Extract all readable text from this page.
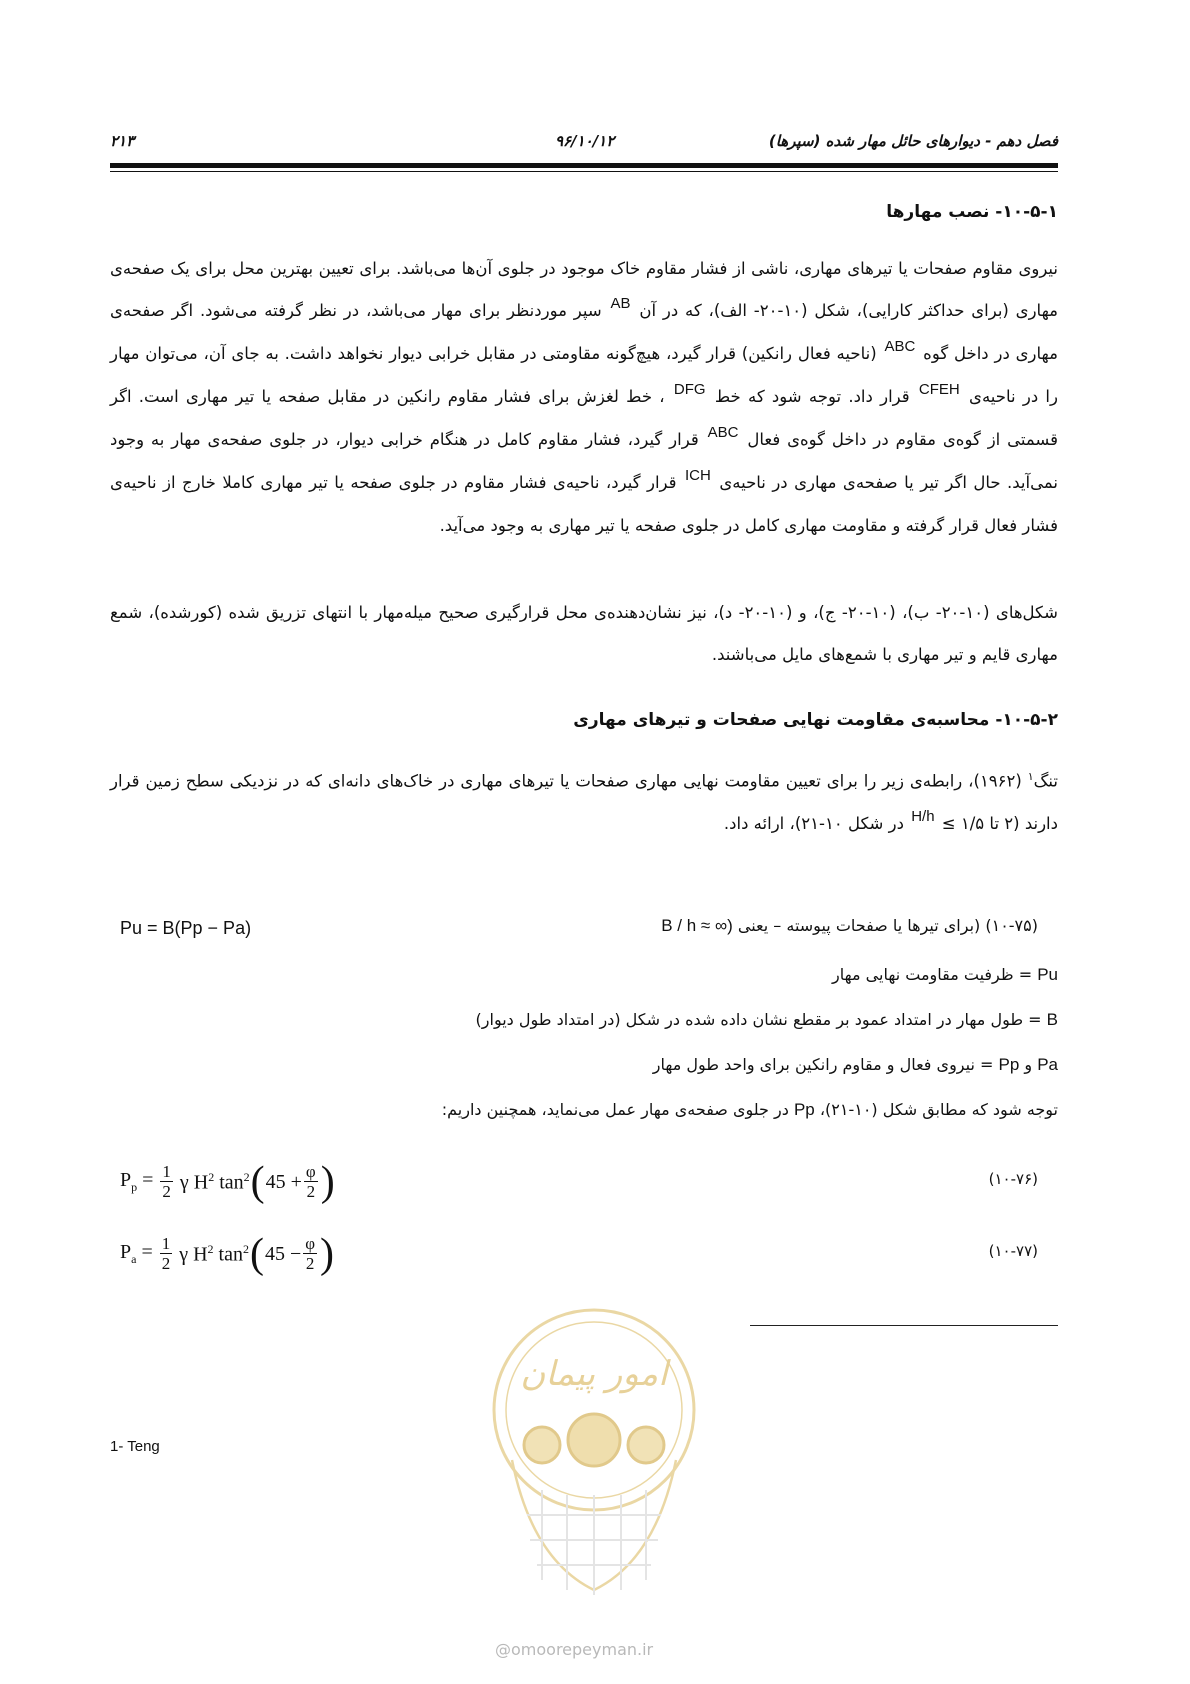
فصل دهم - دیوارهای حائل مهار شده (سپرها)
۹۶/۱۰/۱۲
۲۱۳
۱۰-۵-۱- نصب مهارها

نیروی مقاوم صفحات یا تیرهای مهاری، ناشی از فشار مقاوم خاک موجود در جلوی آن‌ها می‌باشد. برای تعیین بهترین محل برای یک صفحه‌ی مهاری (برای حداکثر کارایی)، شکل (۱۰-۲۰- الف)، که در آن AB سپر موردنظر برای مهار می‌باشد، در نظر گرفته می‌شود. اگر صفحه‌ی مهاری در داخل گوه ABC (ناحیه فعال رانکین) قرار گیرد، هیچ‌گونه مقاومتی در مقابل خرابی دیوار نخواهد داشت. به جای آن، می‌توان مهار را در ناحیه‌ی CFEH قرار داد. توجه شود که خط DFG ، خط لغزش برای فشار مقاوم رانکین در مقابل صفحه یا تیر مهاری است. اگر قسمتی از گوه‌ی مقاوم در داخل گوه‌ی فعال ABC قرار گیرد، فشار مقاوم کامل در هنگام خرابی دیوار، در جلوی صفحه‌ی مهار به وجود نمی‌آید. حال اگر تیر یا صفحه‌ی مهاری در ناحیه‌ی ICH قرار گیرد، ناحیه‌ی فشار مقاوم در جلوی صفحه یا تیر مهاری کاملا خارج از ناحیه‌ی فشار فعال قرار گرفته و مقاومت مهاری کامل در جلوی صفحه یا تیر مهاری به وجود می‌آید.

شکل‌های (۱۰-۲۰- ب)، (۱۰-۲۰- ج)، و (۱۰-۲۰- د)، نیز نشان‌دهنده‌ی محل قرارگیری صحیح میله‌مهار با انتهای تزریق شده (کورشده)، شمع مهاری قایم و تیر مهاری با شمع‌های مایل می‌باشند.

۱۰-۵-۲- محاسبه‌ی مقاومت نهایی صفحات و تیرهای مهاری

تنگ$^۱$ (۱۹۶۲)، رابطه‌ی زیر را برای تعیین مقاومت نهایی مهاری صفحات یا تیرهای مهاری در خاک‌های دانه‌ای که در نزدیکی سطح زمین قرار دارند (۲ تا ۱/۵ ≥ H/h در شکل ۱۰-۲۱)، ارائه داد.

Pu = B(Pp − Pa)	(۱۰-۷۵) (برای تیرها یا صفحات پیوسته – یعنی B / h ≈ ∞)
Pu = ظرفیت مقاومت نهایی مهار
B = طول مهار در امتداد عمود بر مقطع نشان داده شده در شکل (در امتداد طول دیوار)
Pa و Pp = نیروی فعال و مقاوم رانکین برای واحد طول مهار
توجه شود که مطابق شکل (۱۰-۲۱)، Pp در جلوی صفحه‌ی مهار عمل می‌نماید، همچنین داریم:
$P_p = \frac{1}{2}$ γ $H^2$ $\tan^2$ ( $45 + \frac{\varphi}{2}$ )	(۱۰-۷۶)
$P_a = \frac{1}{2}$ γ $H^2$ $\tan^2$ ( $45 - \frac{\varphi}{2}$ )	(۱۰-۷۷)
1- Teng
امور پیمان
@omoorepeyman.ir
